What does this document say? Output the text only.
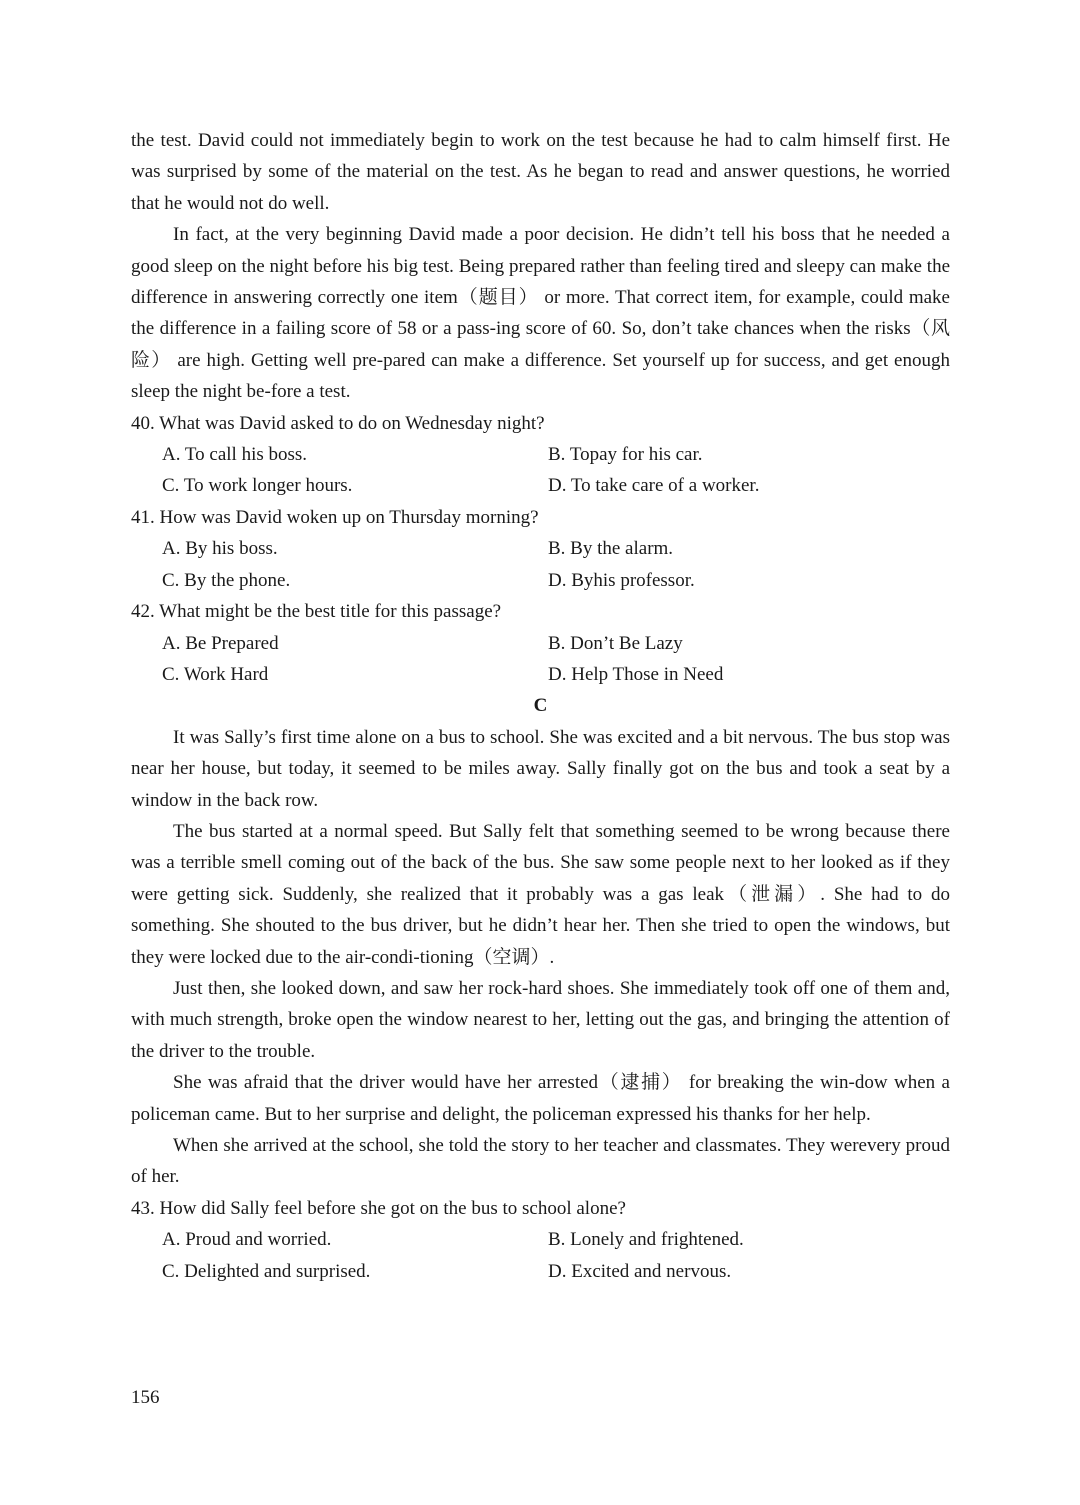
the test. David could not immediately begin to work on the test because he had to calm himself first. He was surprised by some of the material on the test. As he began to read and answer questions, he worried that he would not do well.

In fact, at the very beginning David made a poor decision. He didn’t tell his boss that he needed a good sleep on the night before his big test. Being prepared rather than feeling tired and sleepy can make the difference in answering correctly one item（题目） or more. That correct item, for example, could make the difference in a failing score of 58 or a pass-ing score of 60. So, don’t take chances when the risks（风险） are high. Getting well pre-pared can make a difference. Set yourself up for success, and get enough sleep the night be-fore a test.

40. What was David asked to do on Wednesday night?

A. To call his boss.	B. Topay for his car.
C. To work longer hours.	D. To take care of a worker.

41. How was David woken up on Thursday morning?

A. By his boss.	B. By the alarm.
C. By the phone.	D. Byhis professor.

42. What might be the best title for this passage?

A. Be Prepared	B. Don’t Be Lazy
C. Work Hard	D. Help Those in Need

C

It was Sally’s first time alone on a bus to school. She was excited and a bit nervous. The bus stop was near her house, but today, it seemed to be miles away. Sally finally got on the bus and took a seat by a window in the back row.

The bus started at a normal speed. But Sally felt that something seemed to be wrong because there was a terrible smell coming out of the back of the bus. She saw some people next to her looked as if they were getting sick. Suddenly, she realized that it probably was a gas leak（泄漏）. She had to do something. She shouted to the bus driver, but he didn’t hear her. Then she tried to open the windows, but they were locked due to the air-condi-tioning（空调）.

Just then, she looked down, and saw her rock-hard shoes. She immediately took off one of them and, with much strength, broke open the window nearest to her, letting out the gas, and bringing the attention of the driver to the trouble.

She was afraid that the driver would have her arrested（逮捕） for breaking the win-dow when a policeman came. But to her surprise and delight, the policeman expressed his thanks for her help.

When she arrived at the school, she told the story to her teacher and classmates. They werevery proud of her.

43. How did Sally feel before she got on the bus to school alone?

A. Proud and worried.	B. Lonely and frightened.
C. Delighted and surprised.	D. Excited and nervous.
156
